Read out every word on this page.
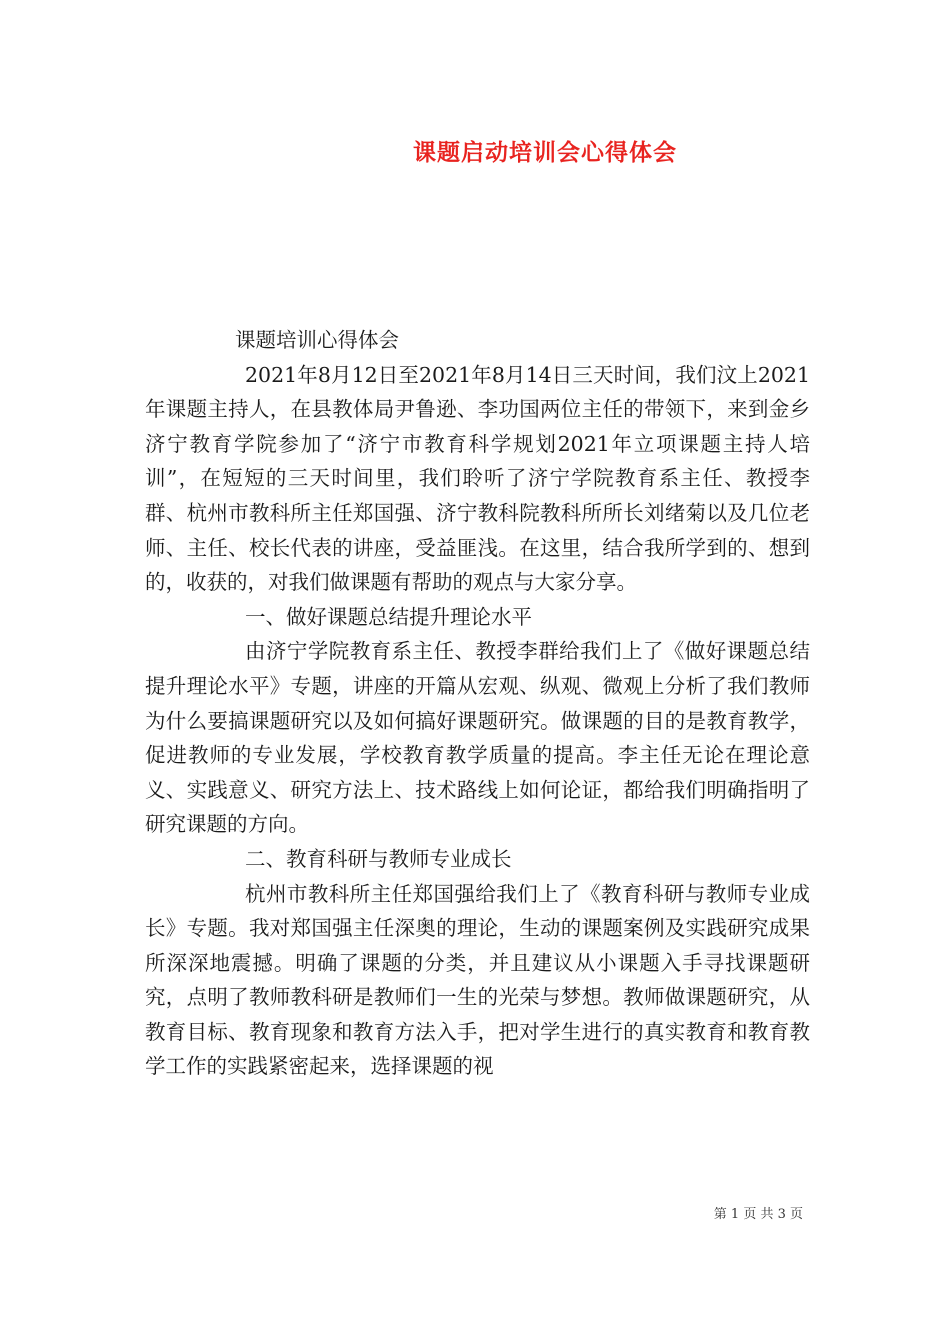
课题启动培训会心得体会

课题培训心得体会

2021年8月12日至2021年8月14日三天时间，我们汶上2021年课题主持人，在县教体局尹鲁逊、李功国两位主任的带领下，来到金乡济宁教育学院参加了“济宁市教育科学规划2021年立项课题主持人培训”，在短短的三天时间里，我们聆听了济宁学院教育系主任、教授李群、杭州市教科所主任郑国强、济宁教科院教科所所长刘绪菊以及几位老师、主任、校长代表的讲座，受益匪浅。在这里，结合我所学到的、想到的，收获的，对我们做课题有帮助的观点与大家分享。

一、做好课题总结提升理论水平

由济宁学院教育系主任、教授李群给我们上了《做好课题总结提升理论水平》专题，讲座的开篇从宏观、纵观、微观上分析了我们教师为什么要搞课题研究以及如何搞好课题研究。做课题的目的是教育教学，促进教师的专业发展，学校教育教学质量的提高。李主任无论在理论意义、实践意义、研究方法上、技术路线上如何论证，都给我们明确指明了研究课题的方向。

二、教育科研与教师专业成长

杭州市教科所主任郑国强给我们上了《教育科研与教师专业成长》专题。我对郑国强主任深奥的理论，生动的课题案例及实践研究成果所深深地震撼。明确了课题的分类，并且建议从小课题入手寻找课题研究，点明了教师教科研是教师们一生的光荣与梦想。教师做课题研究，从教育目标、教育现象和教育方法入手，把对学生进行的真实教育和教育教学工作的实践紧密起来，选择课题的视

第 1 页 共 3 页
